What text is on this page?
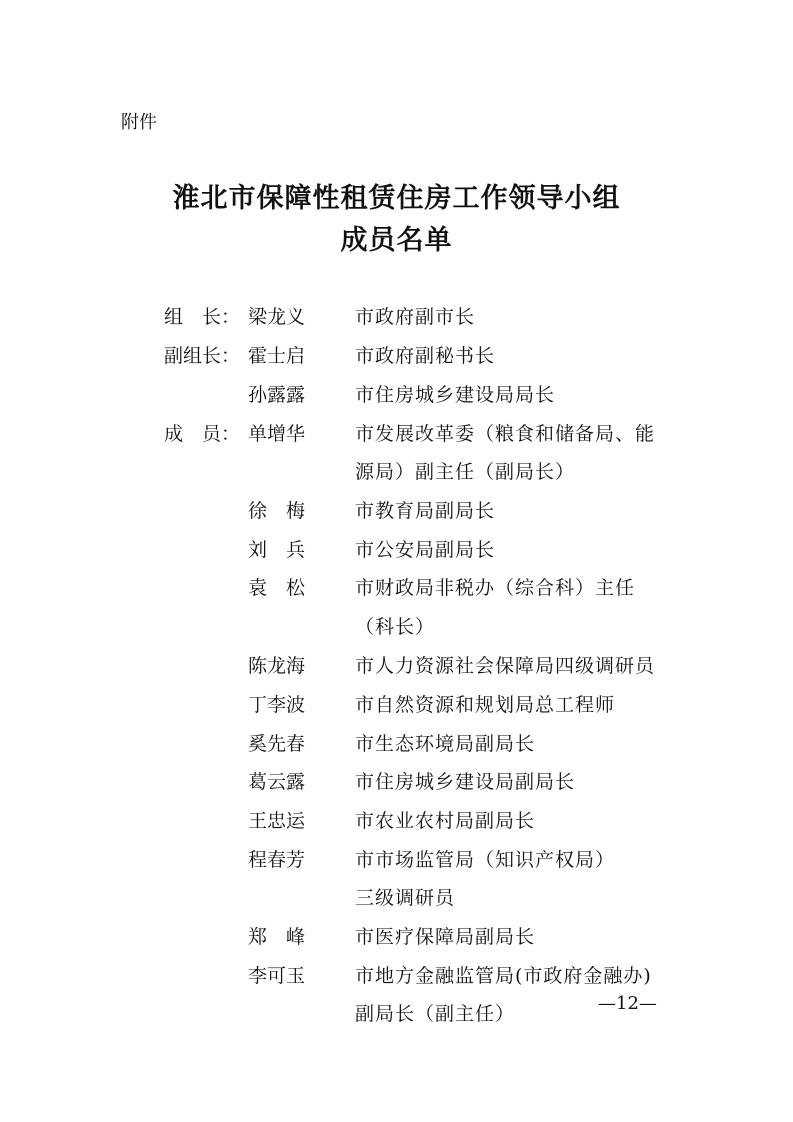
附件
淮北市保障性租赁住房工作领导小组
成员名单
组　长： 梁龙义	市政府副市长
副组长： 霍士启	市政府副秘书长
孙露露	市住房城乡建设局局长
成　员： 单增华	市发展改革委（粮食和储备局、能
源局）副主任（副局长）
徐　梅	市教育局副局长
刘　兵	市公安局副局长
袁　松	市财政局非税办（综合科）主任
（科长）
陈龙海	市人力资源社会保障局四级调研员
丁李波	市自然资源和规划局总工程师
奚先春	市生态环境局副局长
葛云露	市住房城乡建设局副局长
王忠运	市农业农村局副局长
程春芳	市市场监管局（知识产权局）
三级调研员
郑　峰	市医疗保障局副局长
李可玉	市地方金融监管局(市政府金融办)
副局长（副主任）	—12—
